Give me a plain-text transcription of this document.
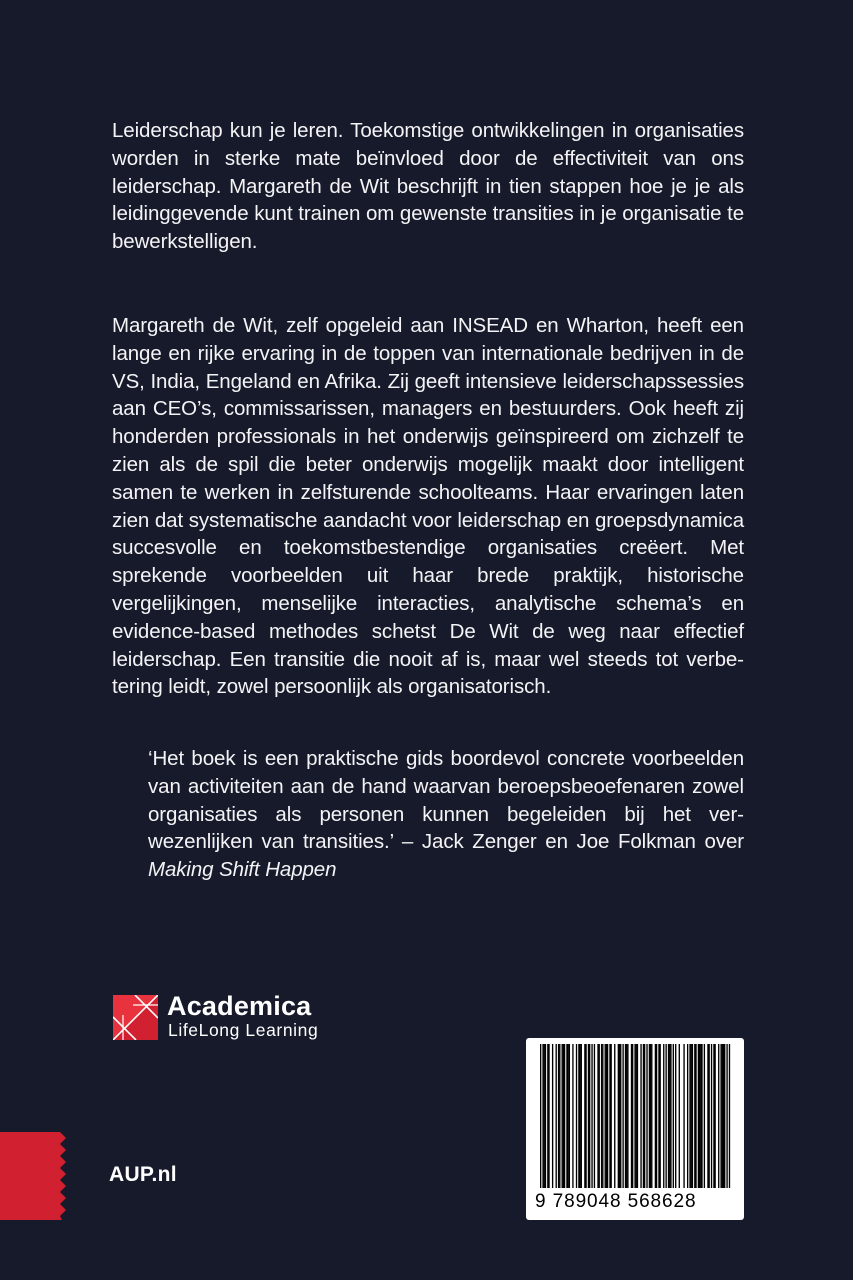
Leiderschap kun je leren. Toekomstige ontwikkelingen in organisaties worden in sterke mate beïnvloed door de effectiviteit van ons leiderschap. Margareth de Wit beschrijft in tien stappen hoe je je als leidinggevende kunt trainen om gewenste transities in je organisatie te bewerkstelligen.

Margareth de Wit, zelf opgeleid aan INSEAD en Wharton, heeft een lange en rijke ervaring in de toppen van internationale bedrijven in de VS, India, Engeland en Afrika. Zij geeft intensieve leiderschapssessies aan CEO’s, commissarissen, managers en bestuurders. Ook heeft zij honderden professionals in het onderwijs geïnspireerd om zichzelf te zien als de spil die beter onderwijs mogelijk maakt door intelligent samen te werken in zelfsturende schoolteams. Haar ervaringen laten zien dat systematische aandacht voor leiderschap en groepsdynamica succesvolle en toekomstbestendige organisaties creëert. Met sprekende voorbeelden uit haar brede praktijk, historische vergelijkingen, menselijke interacties, analytische schema’s en evidence-based methodes schetst De Wit de weg naar effectief leiderschap. Een transitie die nooit af is, maar wel steeds tot verbetering leidt, zowel persoonlijk als organisatorisch.

‘Het boek is een praktische gids boordevol concrete voorbeelden van activiteiten aan de hand waarvan beroepsbeoefenaren zowel organisaties als personen kunnen begeleiden bij het verwezenlijken van transities.’ – Jack Zenger en Joe Folkman over Making Shift Happen

Academica
LifeLong Learning
AUP.nl
9 789048 568628
